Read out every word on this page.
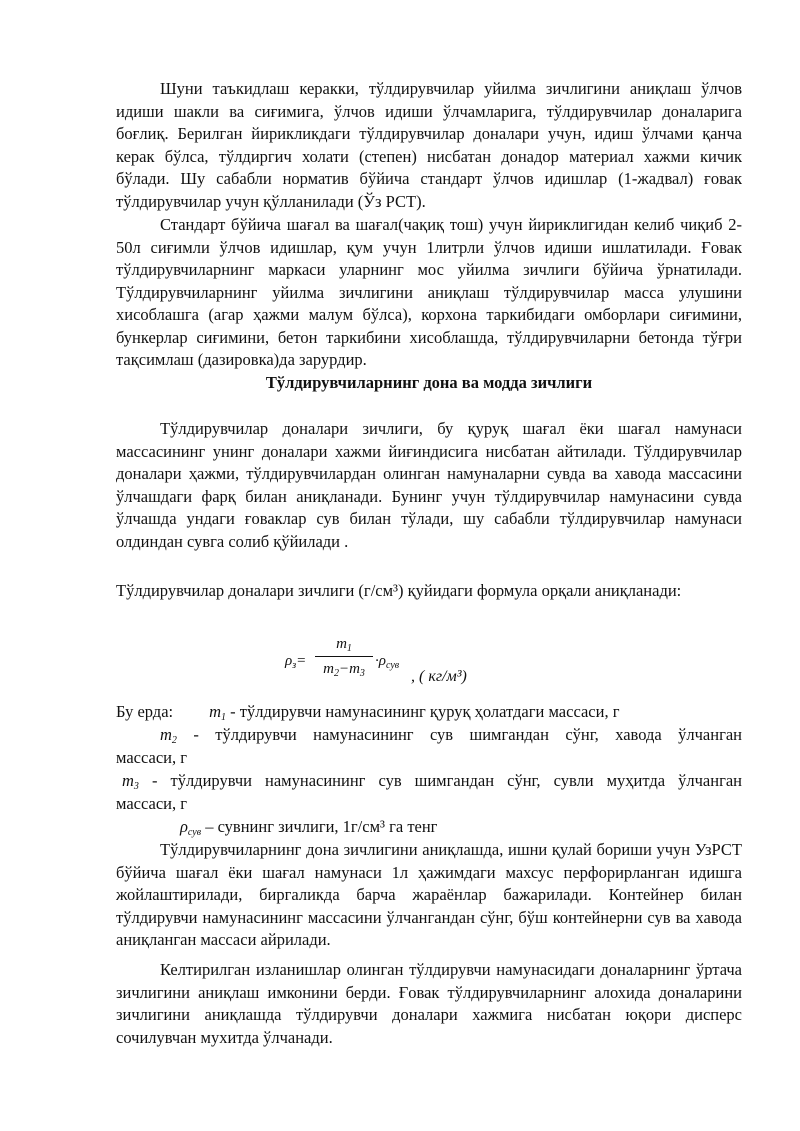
Шуни таъкидлаш керакки, тўлдирувчилар уйилма зичлигини аниқлаш ўлчов идиши шакли ва сиғимига, ўлчов идиши ўлчамларига, тўлдирувчилар доналарига боғлиқ. Берилган йирикликдаги тўлдирувчилар доналари учун, идиш ўлчами қанча керак бўлса, тўлдиргич холати (степен) нисбатан донадор материал хажми кичик бўлади. Шу сабабли норматив бўйича стандарт ўлчов идишлар (1-жадвал) ғовак тўлдирувчилар учун қўлланилади (Ўз РСТ).

Стандарт бўйича шағал ва шағал(чақиқ тош) учун йириклигидан келиб чиқиб 2-50л сиғимли ўлчов идишлар, қум учун 1литрли ўлчов идиши ишлатилади. Ғовак тўлдирувчиларнинг маркаси уларнинг мос уйилма зичлиги бўйича ўрнатилади. Тўлдирувчиларнинг уйилма зичлигини аниқлаш тўлдирувчилар масса улушини хисоблашга (агар ҳажми малум бўлса), корхона таркибидаги омборлари сиғимини, бункерлар сиғимини, бетон таркибини хисоблашда, тўлдирувчиларни бетонда тўғри тақсимлаш (дазировка)да зарурдир.

Тўлдирувчиларнинг дона ва модда зичлиги

Тўлдирувчилар доналари зичлиги, бу қуруқ шағал ёки шағал намунаси массасининг унинг доналари хажми йиғиндисига нисбатан айтилади. Тўлдирувчилар доналари ҳажми, тўлдирувчилардан олинган намуналарни сувда ва хавода массасини ўлчашдаги фарқ билан аниқланади. Бунинг учун тўлдирувчилар намунасини сувда ўлчашда ундаги ғоваклар сув билан тўлади, шу сабабли тўлдирувчилар намунаси олдиндан сувга солиб қўйилади .

Тўлдирувчилар доналари зичлиги (г/см³) қуйидаги формула орқали аниқланади:

$\rho_з=$
$m_1$
$m_2-m_3$
$\cdot\rho_{сув}$
, ( кг/м³)
Бу ерда: $m_1$ - тўлдирувчи намунасининг қуруқ ҳолатдаги массаси, г
$m_2$ - тўлдирувчи намунасининг сув шимгандан сўнг, хавода ўлчанган
массаси, г
$m_3$ - тўлдирувчи намунасининг сув шимгандан сўнг, сувли муҳитда ўлчанган
массаси, г
$\rho_{сув}$ – сувнинг зичлиги, 1г/см³ га тенг

Тўлдирувчиларнинг дона зичлигини аниқлашда, ишни қулай бориши учун УзРСТ бўйича шағал ёки шағал намунаси 1л ҳажимдаги махсус перфорирланган идишга жойлаштирилади, биргаликда барча жараёнлар бажарилади. Контейнер билан тўлдирувчи намунасининг массасини ўлчангандан сўнг, бўш контейнерни сув ва хавода аниқланган массаси айрилади.

Келтирилган изланишлар олинган тўлдирувчи намунасидаги доналарнинг ўртача зичлигини аниқлаш имконини берди. Ғовак тўлдирувчиларнинг алохида доналарини зичлигини аниқлашда тўлдирувчи доналари хажмига нисбатан юқори дисперс сочилувчан мухитда ўлчанади.
